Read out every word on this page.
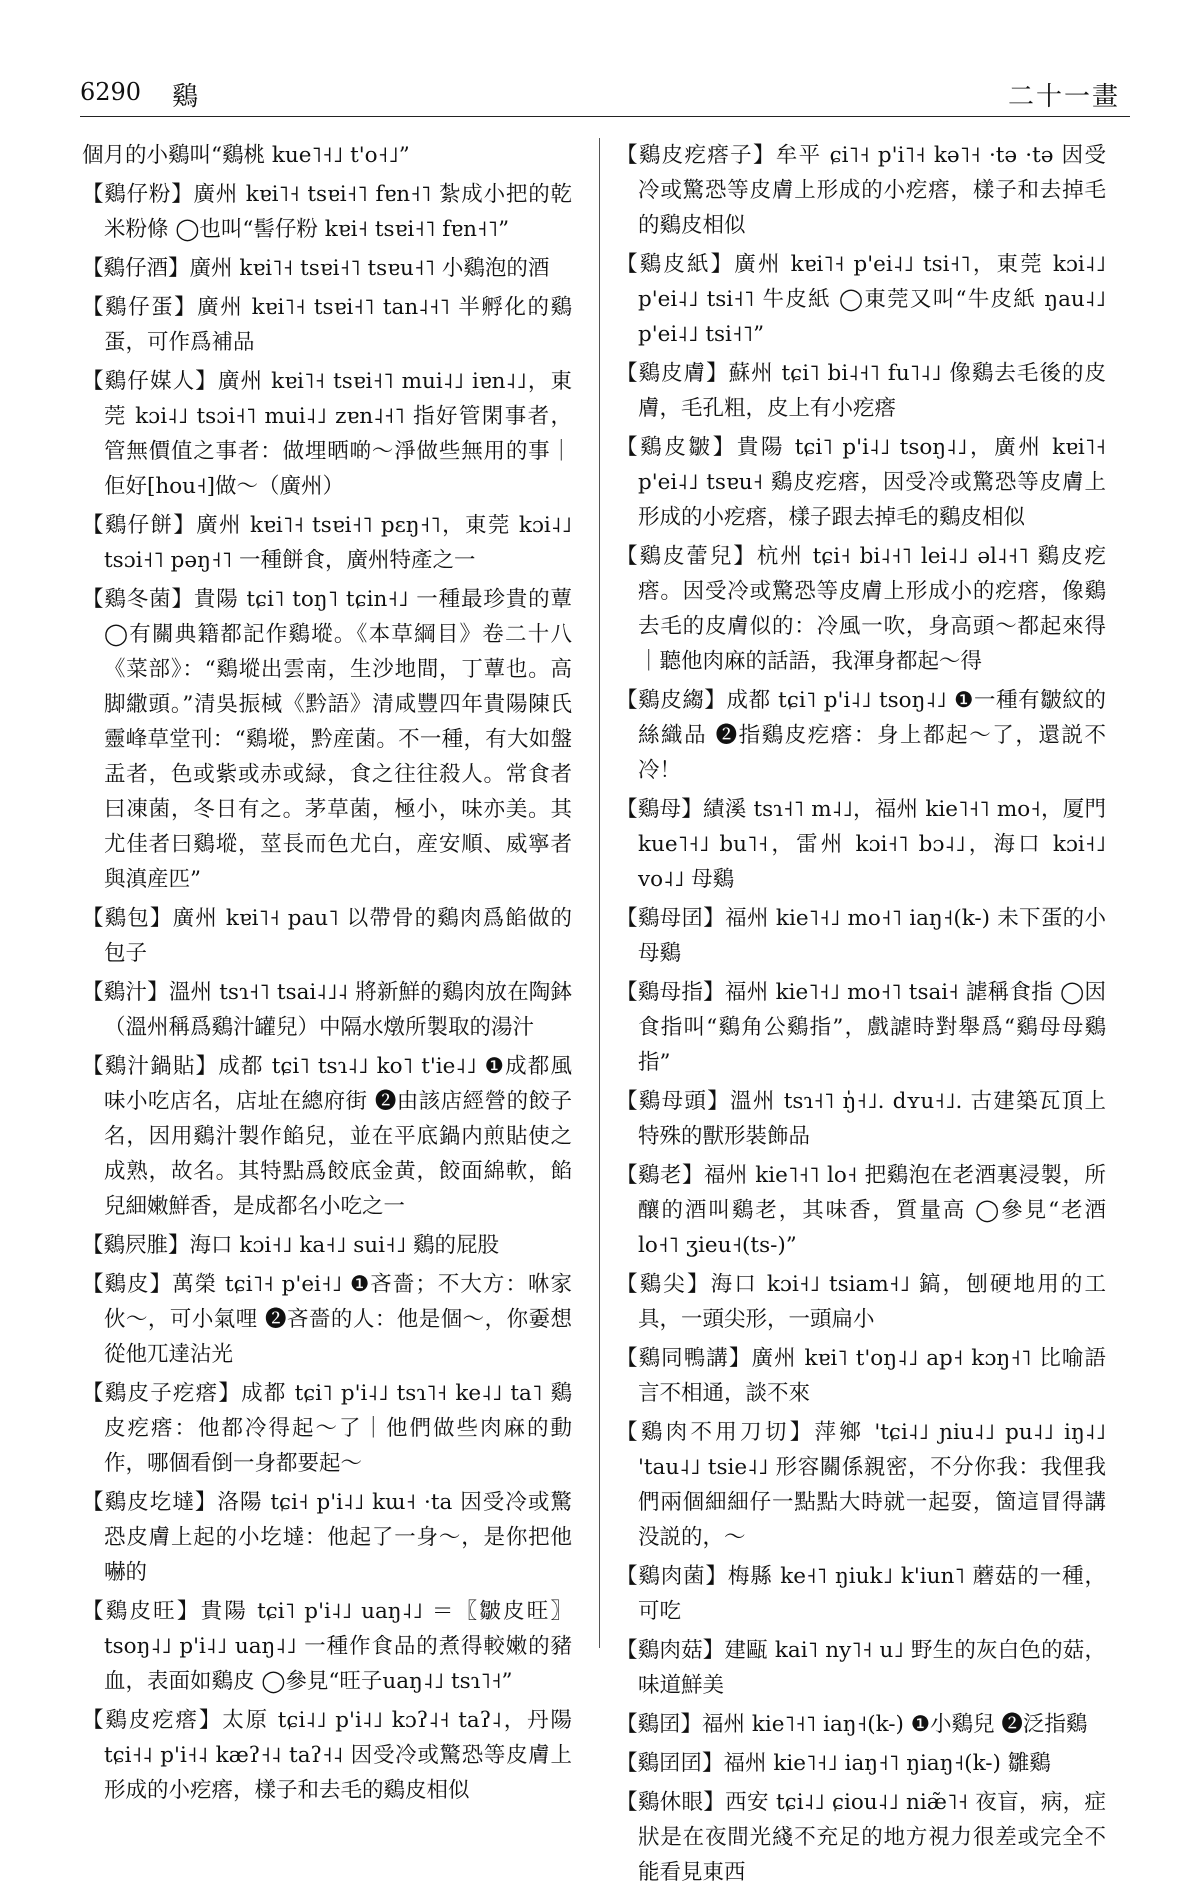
6290 鷄	二十一畫

個月的小鷄叫“鷄桃 kue˥˧˩ t'o˧˩”

【鷄仔粉】廣州 kɐi˥˧ tsɐi˧˥ fɐn˧˥ 紮成小把的乾米粉條 ◯也叫“髻仔粉 kɐi˧ tsɐi˧˥ fɐn˧˥”

【鷄仔酒】廣州 kɐi˥˧ tsɐi˧˥ tsɐu˧˥ 小鷄泡的酒

【鷄仔蛋】廣州 kɐi˥˧ tsɐi˧˥ tan˨˧˥ 半孵化的鷄蛋，可作爲補品

【鷄仔媒人】廣州 kɐi˥˧ tsɐi˧˥ mui˨˩ iɐn˨˩，東莞 kɔi˨˩ tsɔi˧˥ mui˨˩ zɐn˨˧˥ 指好管閑事者，管無價值之事者：做埋晒啲～淨做些無用的事｜佢好[hou˧]做～（廣州）

【鷄仔餅】廣州 kɐi˥˧ tsɐi˧˥ pɛŋ˧˥，東莞 kɔi˨˩ tsɔi˧˥ pəŋ˧˥ 一種餅食，廣州特產之一

【鷄冬菌】貴陽 tɕi˥ toŋ˥ tɕin˧˩ 一種最珍貴的蕈 ◯有關典籍都記作鷄㙡。《本草綱目》卷二十八《菜部》：“鷄㙡出雲南，生沙地間，丁蕈也。高脚繖頭。”清吳振棫《黔語》清咸豐四年貴陽陳氏靈峰草堂刊：“鷄㙡，黔産菌。不一種，有大如盤盂者，色或紫或赤或緑，食之往往殺人。常食者曰凍菌，冬日有之。茅草菌，極小，味亦美。其尤佳者曰鷄㙡，莖長而色尤白，産安順、威寧者與滇産匹”

【鷄包】廣州 kɐi˥˧ pau˥ 以帶骨的鷄肉爲餡做的包子

【鷄汁】溫州 tsɿ˧˥ tsai˨˩˨ 將新鮮的鷄肉放在陶鉢（溫州稱爲鷄汁罐兒）中隔水燉所製取的湯汁

【鷄汁鍋貼】成都 tɕi˥ tsɿ˨˩ ko˥ t'ie˨˩ ❶成都風味小吃店名，店址在總府街 ❷由該店經營的餃子名，因用鷄汁製作餡兒，並在平底鍋内煎貼使之成熟，故名。其特點爲餃底金黄，餃面綿軟，餡兒細嫩鮮香，是成都名小吃之一

【鷄屄脽】海口 kɔi˧˩ ka˧˩ sui˧˩ 鷄的屁股

【鷄皮】萬榮 tɕi˥˧ p'ei˧˩ ❶吝嗇；不大方：咻家伙～，可小氣哩 ❷吝嗇的人：他是個～，你嫑想從他兀達沾光

【鷄皮子疙瘩】成都 tɕi˥ p'i˨˩ tsɿ˥˧ ke˨˩ ta˥ 鷄皮疙瘩：他都冷得起～了｜他們做些肉麻的動作，哪個看倒一身都要起～

【鷄皮圪墶】洛陽 tɕi˧ p'i˨˩ kɯ˧ ·ta 因受冷或驚恐皮膚上起的小圪墶：他起了一身～，是你把他嚇的

【鷄皮旺】貴陽 tɕi˥ p'i˨˩ uaŋ˨˩ ＝〖皺皮旺〗tsoŋ˨˩ p'i˨˩ uaŋ˨˩ 一種作食品的煮得較嫩的豬血，表面如鷄皮 ◯參見“旺子uaŋ˨˩ tsɿ˥˧”

【鷄皮疙瘩】太原 tɕi˨˩ p'i˨˩ kɔʔ˨˧ taʔ˨，丹陽 tɕi˧˨ p'i˧˨ kæʔ˧˨ taʔ˧˨ 因受冷或驚恐等皮膚上形成的小疙瘩，樣子和去毛的鷄皮相似

【鷄皮疙瘩子】牟平 ɕi˥˧ p'i˥˧ kə˥˧ ·tə ·tə 因受冷或驚恐等皮膚上形成的小疙瘩，樣子和去掉毛的鷄皮相似

【鷄皮紙】廣州 kɐi˥˧ p'ei˨˩ tsi˧˥，東莞 kɔi˨˩ p'ei˨˩ tsi˧˥ 牛皮紙 ◯東莞又叫“牛皮紙 ŋau˨˩ p'ei˨˩ tsi˧˥”

【鷄皮膚】蘇州 tɕi˥ bi˨˧˥ fu˥˨˩ 像鷄去毛後的皮膚，毛孔粗，皮上有小疙瘩

【鷄皮皺】貴陽 tɕi˥ p'i˨˩ tsoŋ˨˩，廣州 kɐi˥˧ p'ei˨˩ tsɐu˧ 鷄皮疙瘩，因受冷或驚恐等皮膚上形成的小疙瘩，樣子跟去掉毛的鷄皮相似

【鷄皮蕾兒】杭州 tɕi˧ bi˨˧˥ lei˨˩ əl˨˧˥ 鷄皮疙瘩。因受冷或驚恐等皮膚上形成小的疙瘩，像鷄去毛的皮膚似的：冷風一吹，身高頭～都起來得｜聽他肉麻的話語，我渾身都起～得

【鷄皮縐】成都 tɕi˥ p'i˨˩ tsoŋ˨˩ ❶一種有皺紋的絲織品 ❷指鷄皮疙瘩：身上都起～了，還説不冷！

【鷄母】績溪 tsɿ˧˥ m˨˩，福州 kie˥˧˥ mo˧，厦門 kue˥˧˩ bu˥˧，雷州 kɔi˧˥ bɔ˨˩，海口 kɔi˧˩ vo˨˩ 母鷄

【鷄母囝】福州 kie˥˧˩ mo˧˥ iaŋ˧(k-) 未下蛋的小母鷄

【鷄母指】福州 kie˥˧˩ mo˧˥ tsai˧ 謔稱食指 ◯因食指叫“鷄角公鷄指”，戲謔時對舉爲“鷄母母鷄指”

【鷄母頭】溫州 tsɿ˧˥ ŋ̍˧˩. dʏu˧˩. 古建築瓦頂上特殊的獸形裝飾品

【鷄老】福州 kie˥˧˥ lo˧ 把鷄泡在老酒裏浸製，所釀的酒叫鷄老，其味香，質量高 ◯參見“老酒 lo˧˥ ʒieu˧(ts-)”

【鷄尖】海口 kɔi˧˩ tsiam˧˩ 鎬，刨硬地用的工具，一頭尖形，一頭扁小

【鷄同鴨講】廣州 kɐi˥ t'oŋ˨˩ ap˧ kɔŋ˧˥ 比喻語言不相通，談不來

【鷄肉不用刀切】萍鄉 'tɕi˨˩ ɲiu˨˩ pu˨˩ iŋ˨˩ 'tau˨˩ tsie˨˩ 形容關係親密，不分你我：我俚我們兩個細細仔一點點大時就一起耍，箇這冒得講没説的，～

【鷄肉菌】梅縣 ke˧˥ ŋiuk˩ k'iun˥ 蘑菇的一種，可吃

【鷄肉菇】建甌 kai˥ ny˥˧ u˩ 野生的灰白色的菇，味道鮮美

【鷄囝】福州 kie˥˧˥ iaŋ˧(k-) ❶小鷄兒 ❷泛指鷄

【鷄囝囝】福州 kie˥˧˩ iaŋ˧˥ ŋiaŋ˧(k-) 雛鷄

【鷄休眼】西安 tɕi˨˩ ɕiou˨˩ niæ̃˥˧ 夜盲，病，症狀是在夜間光綫不充足的地方視力很差或完全不能看見東西
